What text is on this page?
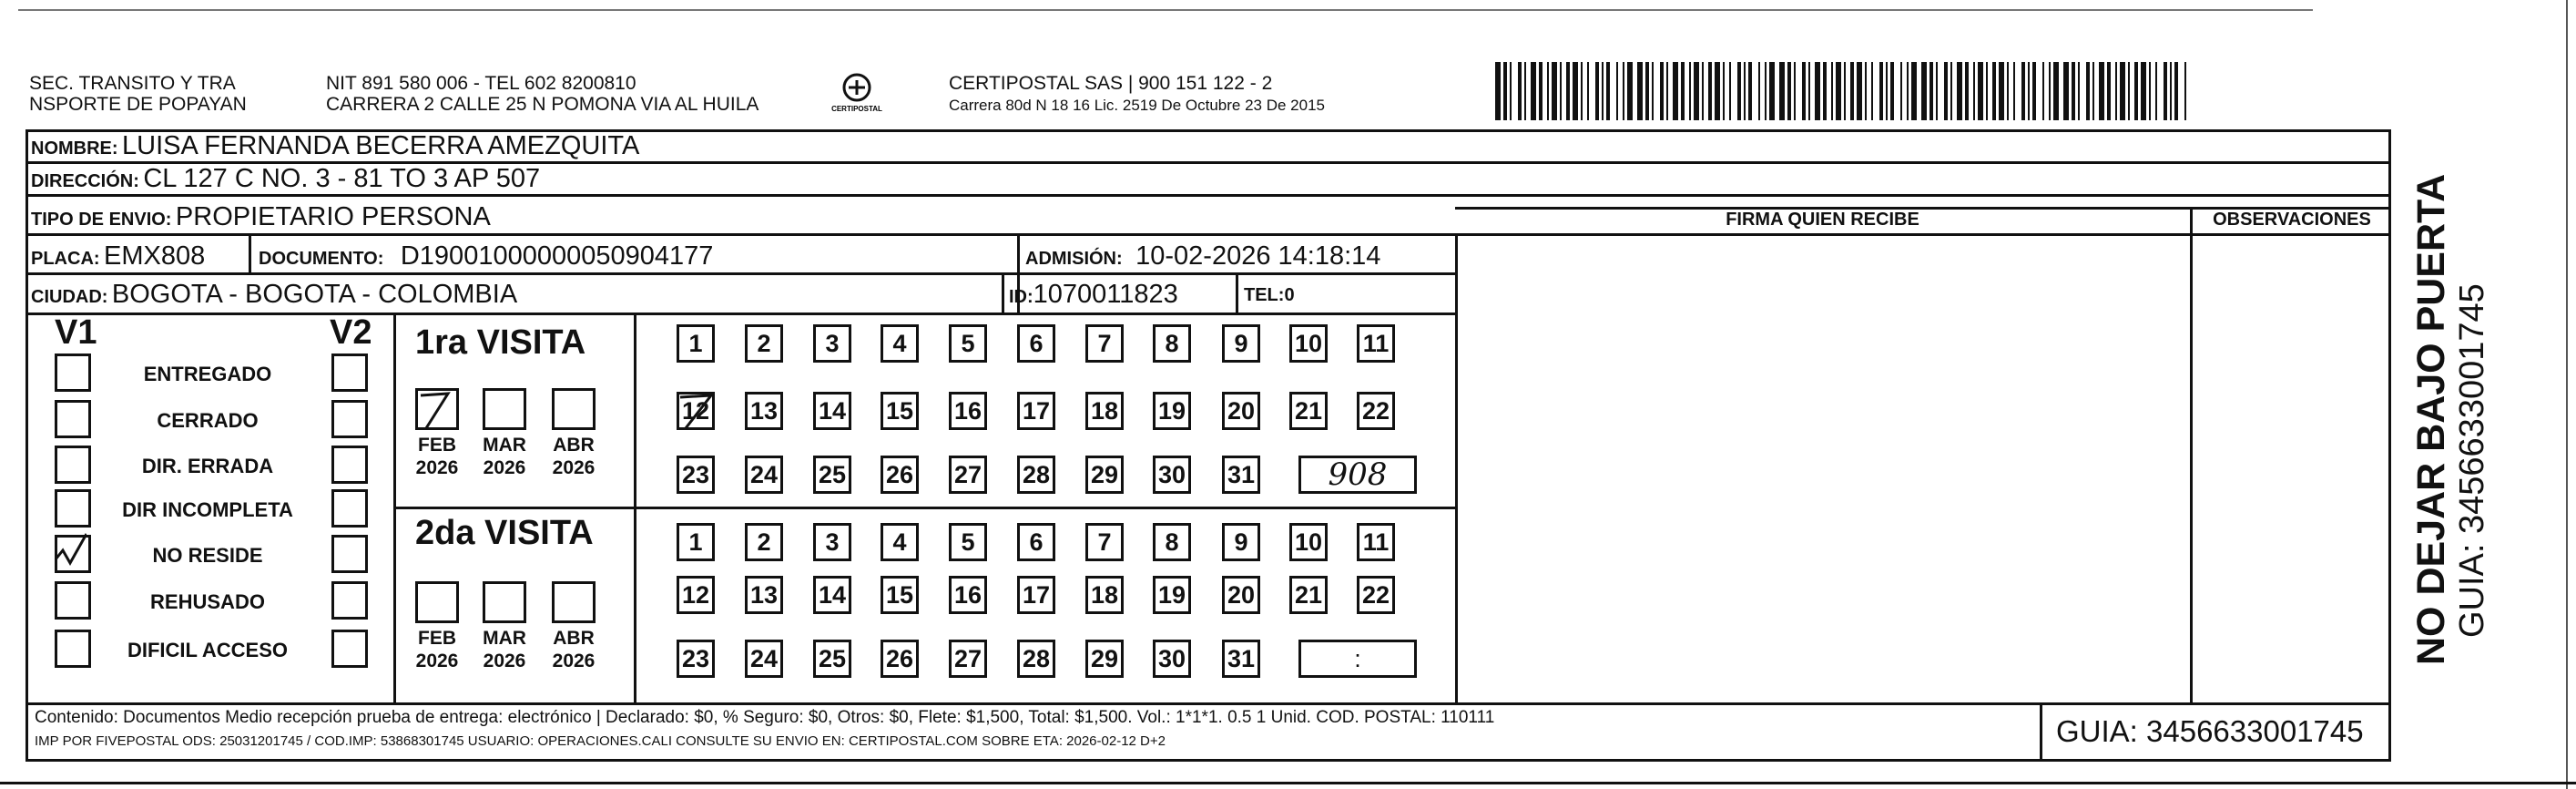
SEC. TRANSITO Y TRA
NSPORTE DE POPAYAN
NIT 891 580 006 - TEL 602 8200810
CARRERA 2 CALLE 25 N POMONA VIA AL HUILA	CERTIPOSTAL
CERTIPOSTAL SAS | 900 151 122 - 2
Carrera 80d N 18 16 Lic. 2519 De Octubre 23 De 2015
NOMBRE: LUISA FERNANDA BECERRA AMEZQUITA
DIRECCIÓN: CL 127 C NO. 3 - 81 TO 3 AP 507
TIPO DE ENVIO: PROPIETARIO PERSONA	FIRMA QUIEN RECIBE	OBSERVACIONES
PLACA: EMX808	DOCUMENTO: D19001000000050904177	ADMISIÓN: 10-02-2026 14:18:14
CIUDAD: BOGOTA - BOGOTA - COLOMBIA	ID:1070011823	TEL:0
V1	V2
ENTREGADO
CERRADO
DIR. ERRADA
DIR INCOMPLETA
NO RESIDE
REHUSADO
DIFICIL ACCESO
1ra VISITA
FEB
2026
MAR
2026
ABR
2026
1	2	3	4	5	6	7	8	9	10 11
12 13 14 15 16 17 18 19 20 21 22
23 24 25 26 27 28 29 30 31	908
2da VISITA
FEB
2026
MAR
2026
ABR
2026
1	2	3	4	5	6	7	8	9	10 11
12 13 14 15 16 17 18 19 20 21 22
23 24 25 26 27 28 29 30 31	:
Contenido: Documentos Medio recepción prueba de entrega: electrónico | Declarado: $0, % Seguro: $0, Otros: $0, Flete: $1,500, Total: $1,500. Vol.: 1*1*1. 0.5 1 Unid. COD. POSTAL: 110111
IMP POR FIVEPOSTAL ODS: 25031201745 / COD.IMP: 53868301745 USUARIO: OPERACIONES.CALI CONSULTE SU ENVIO EN: CERTIPOSTAL.COM SOBRE ETA: 2026-02-12 D+2	GUIA: 3456633001745
NO DEJAR BAJO PUERTA GUIA: 3456633001745
